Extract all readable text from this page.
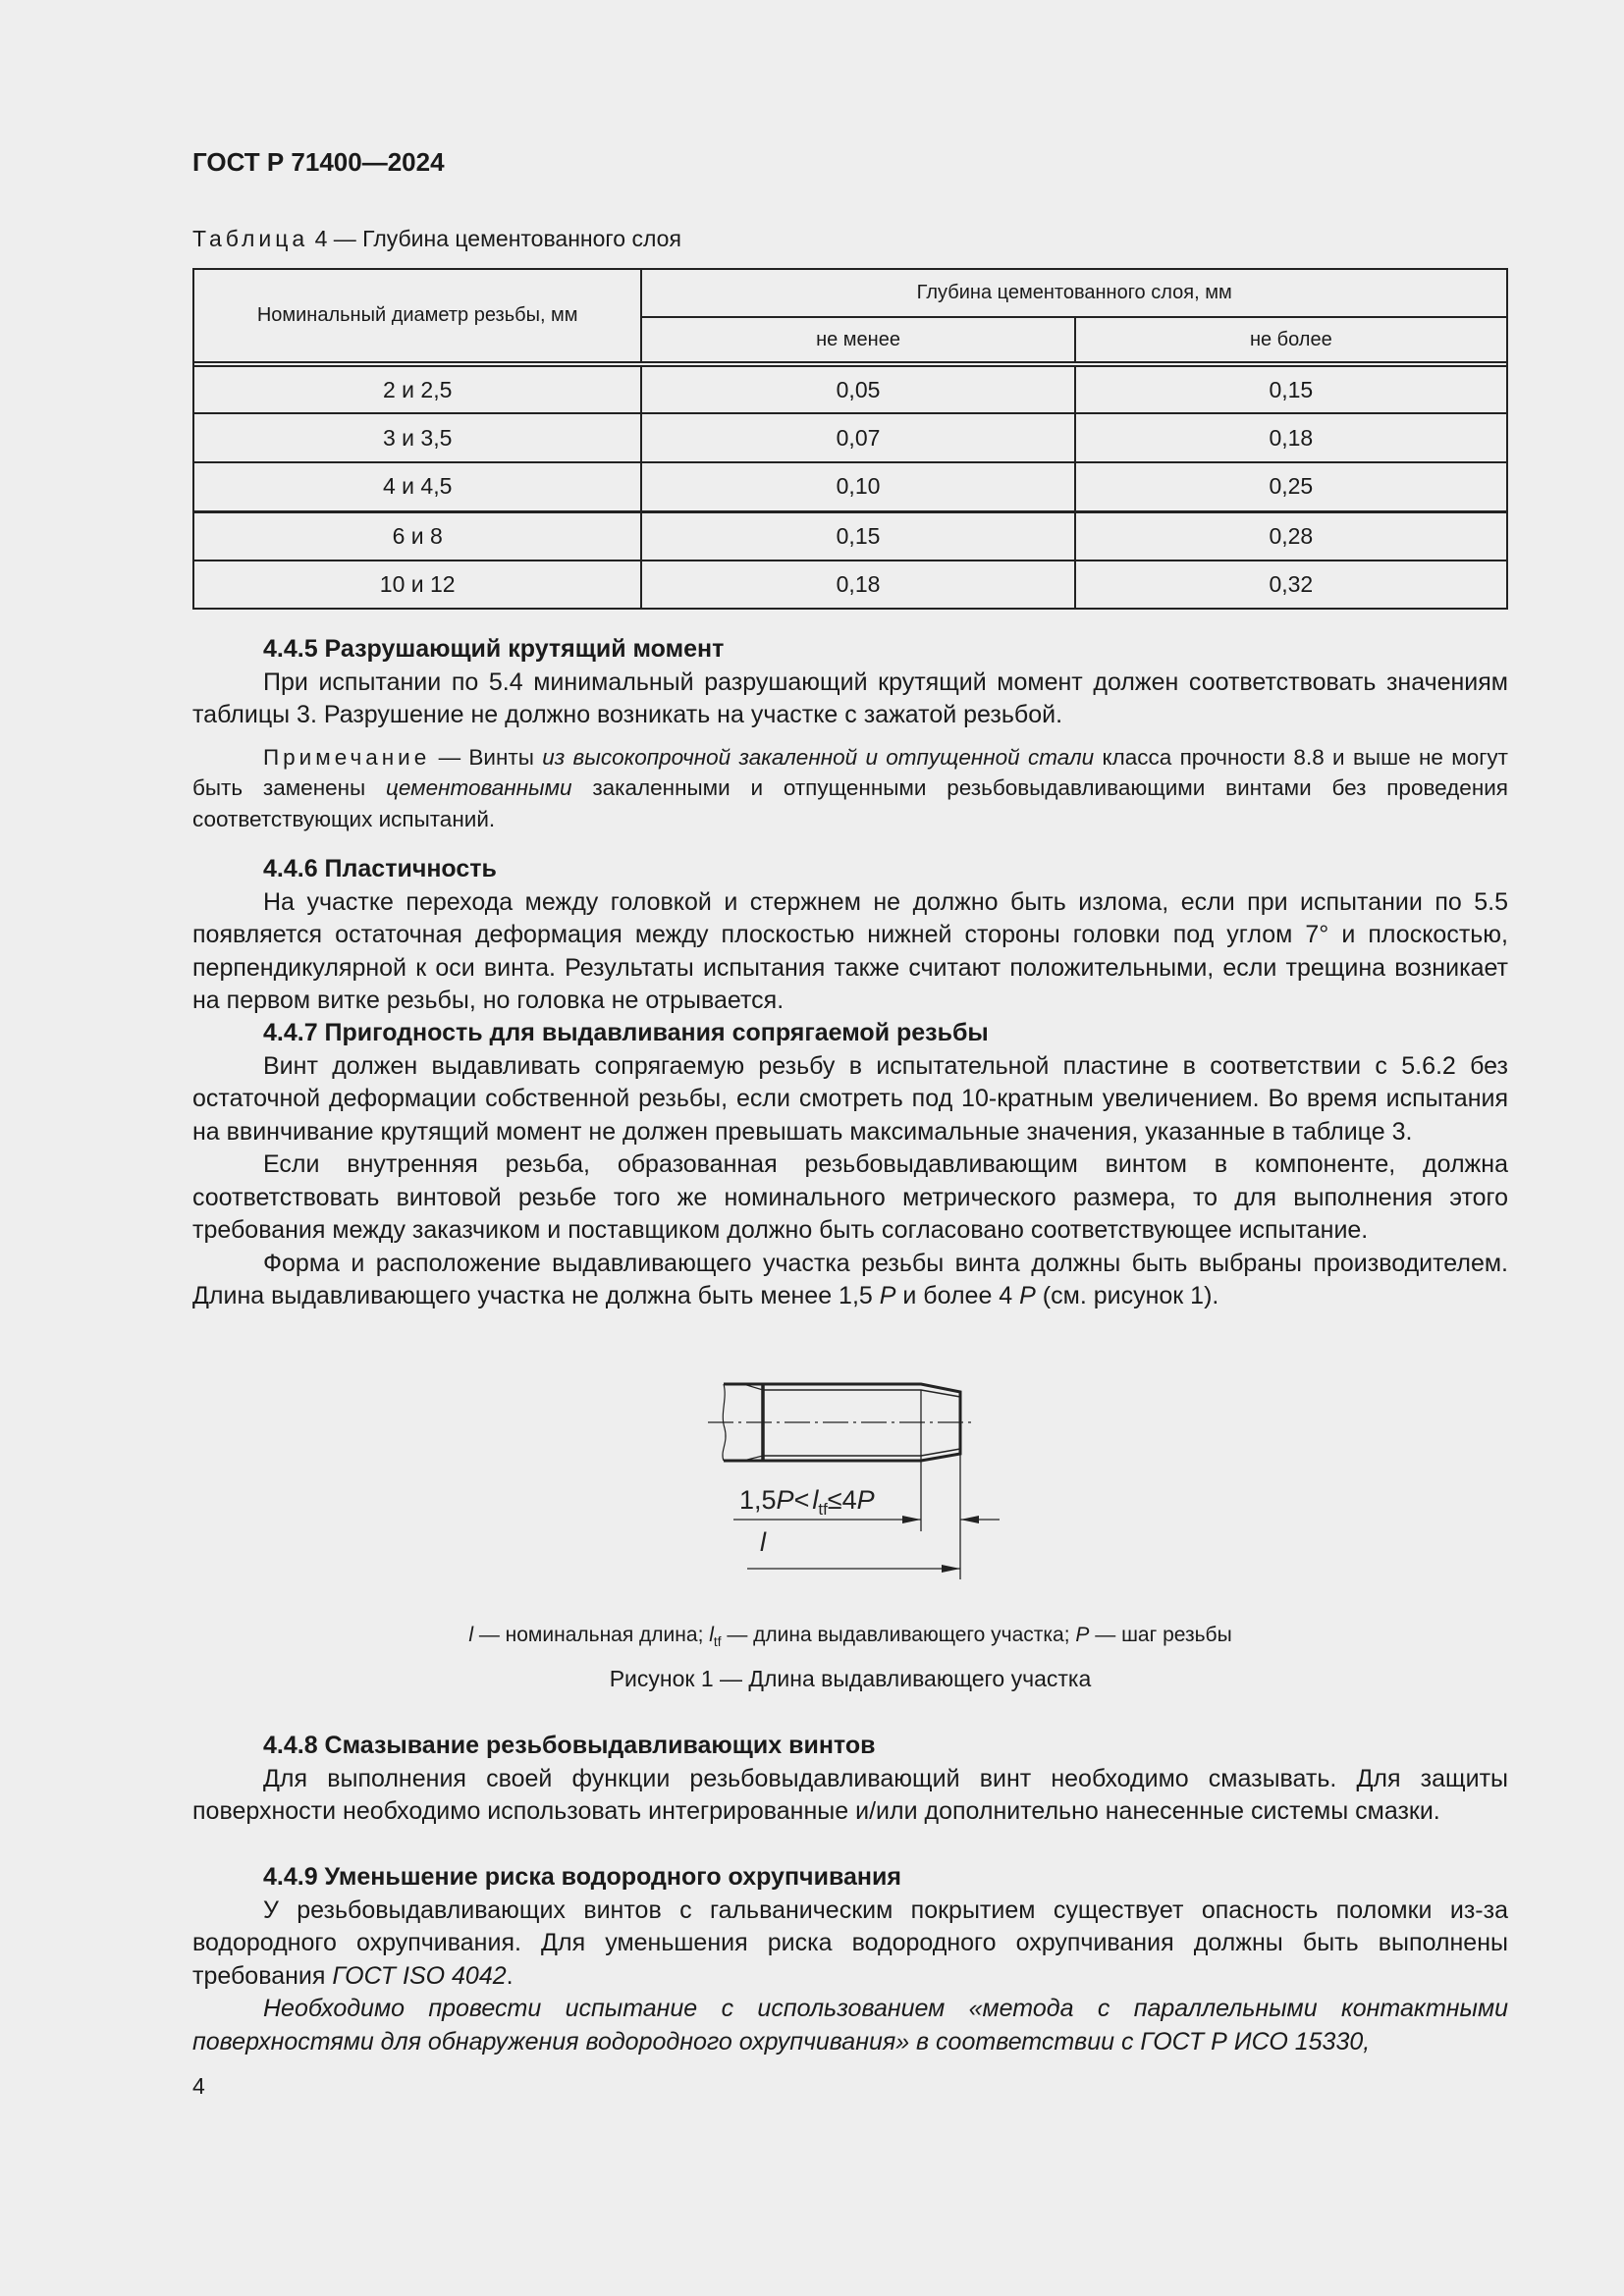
ГОСТ Р 71400—2024
Таблица 4 — Глубина цементованного слоя
Номинальный диаметр резьбы, мм	Глубина цементованного слоя, мм	
	не менее	не более

2 и 2,5	0,05	0,15
3 и 3,5	0,07	0,18
4 и 4,5	0,10	0,25
6 и 8	0,15	0,28
10 и 12	0,18	0,32

4.4.5 Разрушающий крутящий момент

При испытании по 5.4 минимальный разрушающий крутящий момент должен соответствовать значениям таблицы 3. Разрушение не должно возникать на участке с зажатой резьбой.

Примечание — Винты из высокопрочной закаленной и отпущенной стали класса прочности 8.8 и выше не могут быть заменены цементованными закаленными и отпущенными резьбовыдавливающими винтами без проведения соответствующих испытаний.

4.4.6 Пластичность

На участке перехода между головкой и стержнем не должно быть излома, если при испытании по 5.5 появляется остаточная деформация между плоскостью нижней стороны головки под углом 7° и плоскостью, перпендикулярной к оси винта. Результаты испытания также считают положительными, если трещина возникает на первом витке резьбы, но головка не отрывается.

4.4.7 Пригодность для выдавливания сопрягаемой резьбы

Винт должен выдавливать сопрягаемую резьбу в испытательной пластине в соответствии с 5.6.2 без остаточной деформации собственной резьбы, если смотреть под 10-кратным увеличением. Во время испытания на ввинчивание крутящий момент не должен превышать максимальные значения, указанные в таблице 3.

Если внутренняя резьба, образованная резьбовыдавливающим винтом в компоненте, должна соответствовать винтовой резьбе того же номинального метрического размера, то для выполнения этого требования между заказчиком и поставщиком должно быть согласовано соответствующее испытание.

Форма и расположение выдавливающего участка резьбы винта должны быть выбраны производителем. Длина выдавливающего участка не должна быть менее 1,5 P и более 4 P (см. рисунок 1).

$1,5P< l_{tf}\le 4P$
l
l — номинальная длина; $l_{tf}$ — длина выдавливающего участка; P — шаг резьбы
Рисунок 1 — Длина выдавливающего участка

4.4.8 Смазывание резьбовыдавливающих винтов

Для выполнения своей функции резьбовыдавливающий винт необходимо смазывать. Для защиты поверхности необходимо использовать интегрированные и/или дополнительно нанесенные системы смазки.

4.4.9 Уменьшение риска водородного охрупчивания

У резьбовыдавливающих винтов с гальваническим покрытием существует опасность поломки из-за водородного охрупчивания. Для уменьшения риска водородного охрупчивания должны быть выполнены требования ГОСТ ISO 4042.

Необходимо провести испытание с использованием «метода с параллельными контактными поверхностями для обнаружения водородного охрупчивания» в соответствии с ГОСТ Р ИСО 15330,

4
